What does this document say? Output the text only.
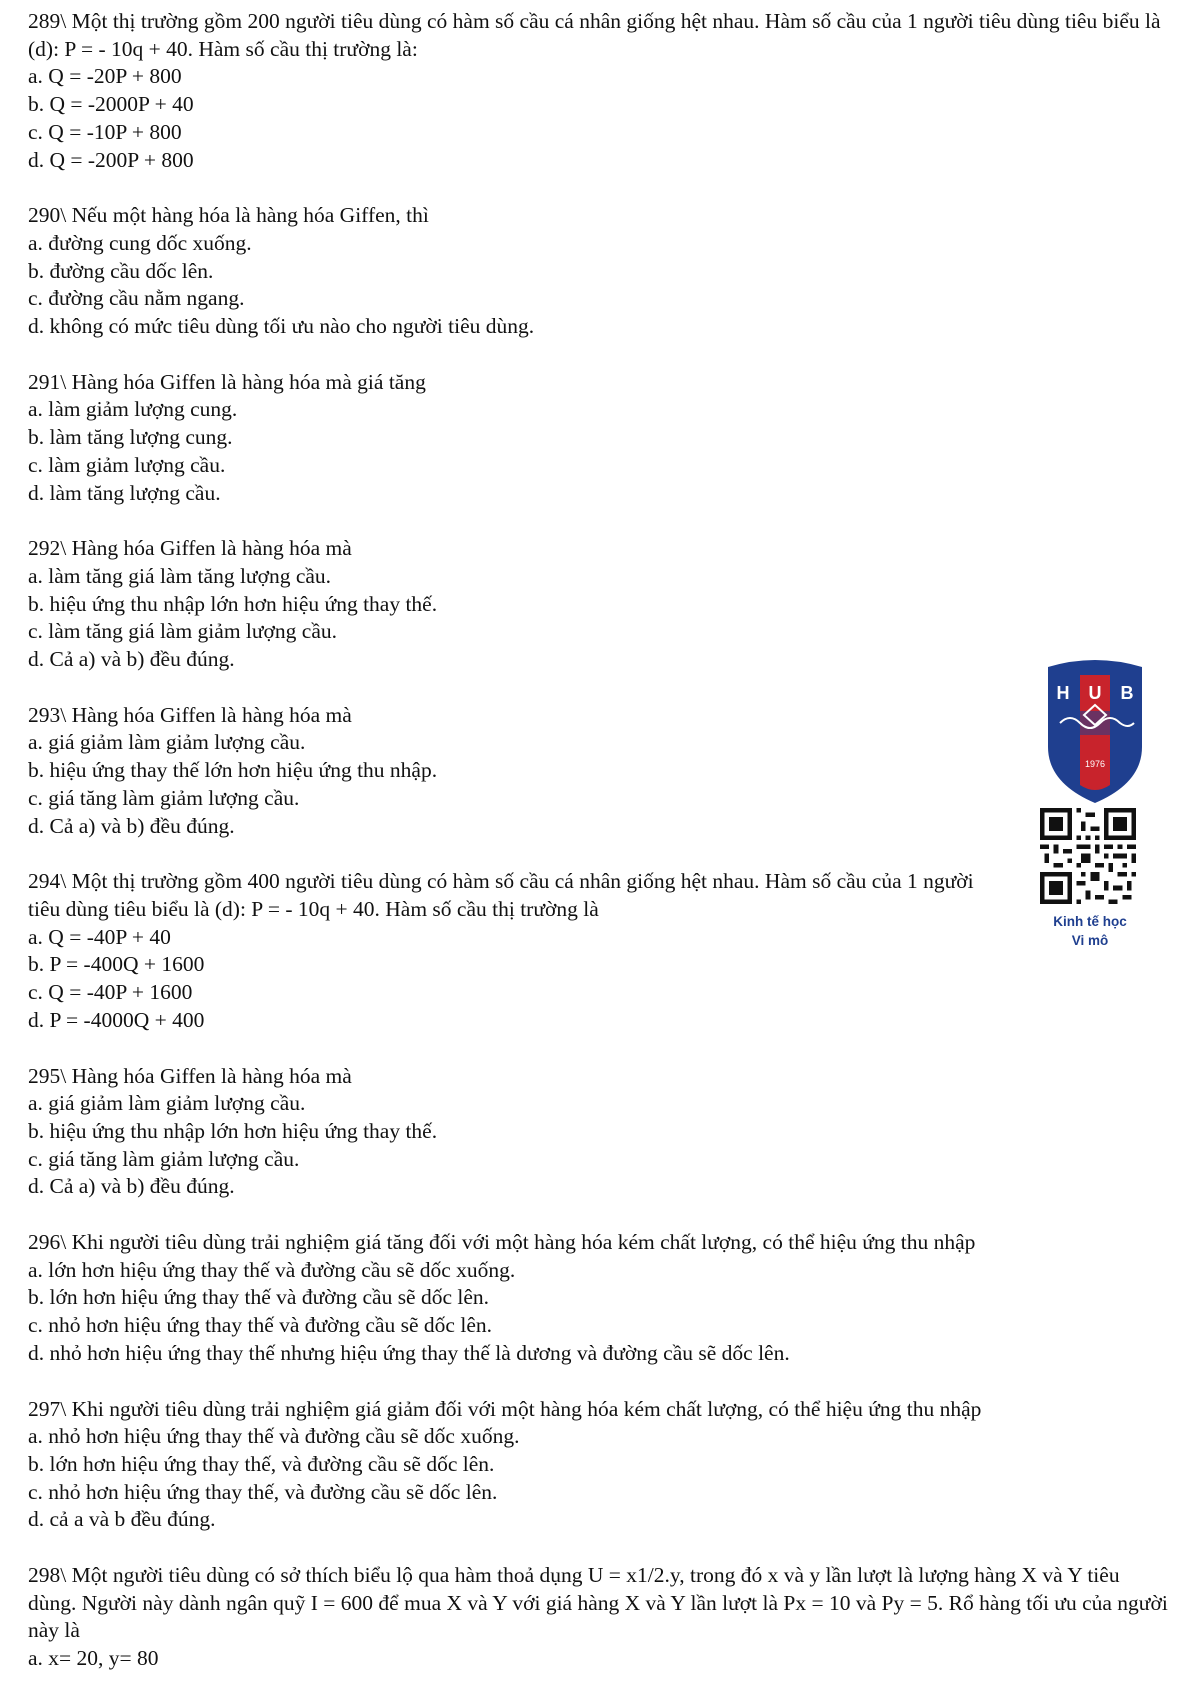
289\ Một thị trường gồm 200 người tiêu dùng có hàm số cầu cá nhân giống hệt nhau. Hàm số cầu của 1 người tiêu dùng tiêu biểu là (d): P = - 10q + 40. Hàm số cầu thị trường là:
a. Q = -20P + 800
b. Q = -2000P + 40
c. Q = -10P + 800
d. Q = -200P + 800
290\ Nếu một hàng hóa là hàng hóa Giffen, thì
a. đường cung dốc xuống.
b. đường cầu dốc lên.
c. đường cầu nằm ngang.
d. không có mức tiêu dùng tối ưu nào cho người tiêu dùng.
291\ Hàng hóa Giffen là hàng hóa mà giá tăng
a. làm giảm lượng cung.
b. làm tăng lượng cung.
c. làm giảm lượng cầu.
d. làm tăng lượng cầu.
292\ Hàng hóa Giffen là hàng hóa mà
a. làm tăng giá làm tăng lượng cầu.
b. hiệu ứng thu nhập lớn hơn hiệu ứng thay thế.
c. làm tăng giá làm giảm lượng cầu.
d. Cả a) và b) đều đúng.
293\ Hàng hóa Giffen là hàng hóa mà
a. giá giảm làm giảm lượng cầu.
b. hiệu ứng thay thế lớn hơn hiệu ứng thu nhập.
c. giá tăng làm giảm lượng cầu.
d. Cả a) và b) đều đúng.
294\ Một thị trường gồm 400 người tiêu dùng có hàm số cầu cá nhân giống hệt nhau. Hàm số cầu của 1 người tiêu dùng tiêu biểu là (d): P = - 10q + 40. Hàm số cầu thị trường là
a. Q = -40P + 40
b. P = -400Q + 1600
c. Q = -40P + 1600
d. P = -4000Q + 400
295\ Hàng hóa Giffen là hàng hóa mà
a. giá giảm làm giảm lượng cầu.
b. hiệu ứng thu nhập lớn hơn hiệu ứng thay thế.
c. giá tăng làm giảm lượng cầu.
d. Cả a) và b) đều đúng.
296\ Khi người tiêu dùng trải nghiệm giá tăng đối với một hàng hóa kém chất lượng, có thể hiệu ứng thu nhập
a. lớn hơn hiệu ứng thay thế và đường cầu sẽ dốc xuống.
b. lớn hơn hiệu ứng thay thế và đường cầu sẽ dốc lên.
c. nhỏ hơn hiệu ứng thay thế và đường cầu sẽ dốc lên.
d. nhỏ hơn hiệu ứng thay thế nhưng hiệu ứng thay thế là dương và đường cầu sẽ dốc lên.
297\ Khi người tiêu dùng trải nghiệm giá giảm đối với một hàng hóa kém chất lượng, có thể hiệu ứng thu nhập
a. nhỏ hơn hiệu ứng thay thế và đường cầu sẽ dốc xuống.
b. lớn hơn hiệu ứng thay thế, và đường cầu sẽ dốc lên.
c. nhỏ hơn hiệu ứng thay thế, và đường cầu sẽ dốc lên.
d. cả a và b đều đúng.
298\ Một người tiêu dùng có sở thích biểu lộ qua hàm thoả dụng U = x1/2.y, trong đó x và y lần lượt là lượng hàng X và Y tiêu dùng. Người này dành ngân quỹ I = 600 để mua X và Y với giá hàng X và Y lần lượt là Px = 10 và Py = 5. Rổ hàng tối ưu của người này là
a. x= 20, y= 80
H U B
1976
Kinh tế học
Vi mô
